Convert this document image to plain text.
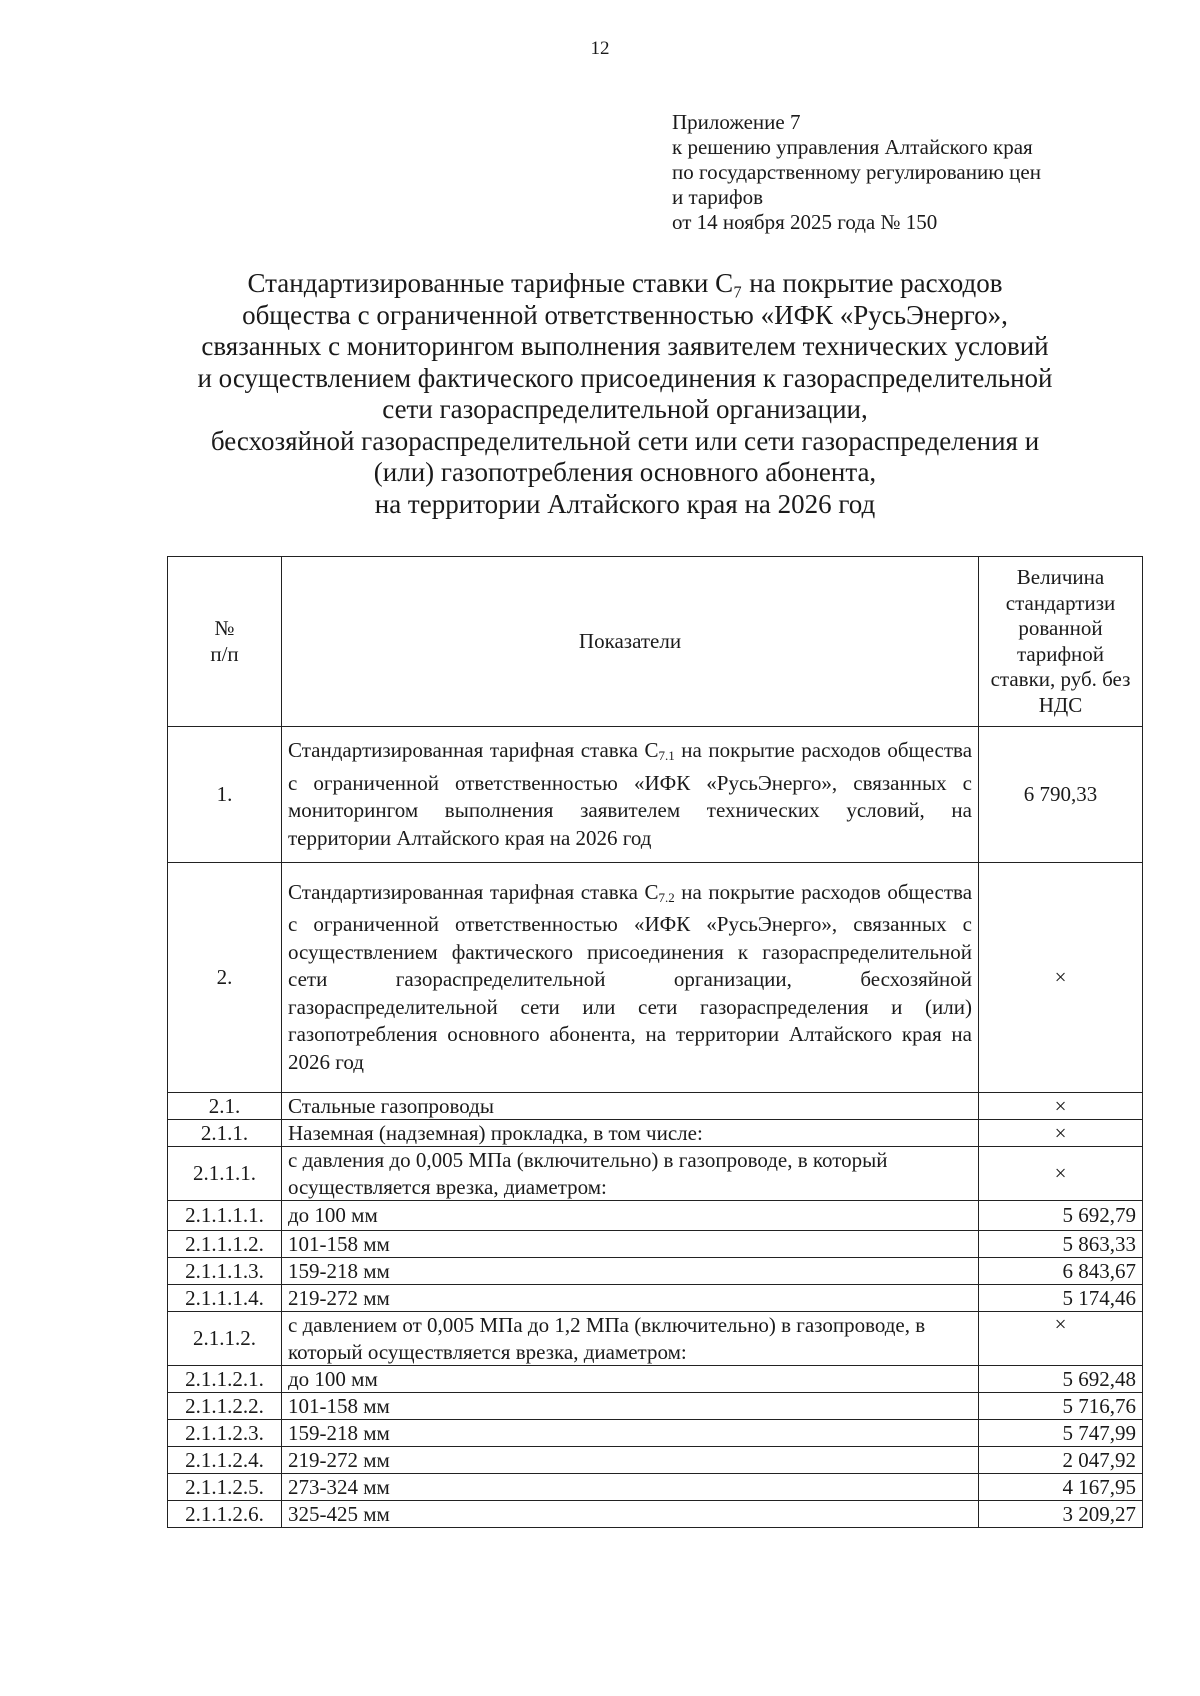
12
Приложение 7
к решению управления Алтайского края
по государственному регулированию цен
и тарифов
от 14 ноября 2025 года № 150
Стандартизированные тарифные ставки С₇ на покрытие расходов
общества с ограниченной ответственностью «ИФК «РусьЭнерго»,
связанных с мониторингом выполнения заявителем технических условий
и осуществлением фактического присоединения к газораспределительной
сети газораспределительной организации,
бесхозяйной газораспределительной сети или сети газораспределения и
(или) газопотребления основного абонента,
на территории Алтайского края на 2026 год
№ п/п	Показатели	Величина стандартизи рованной тарифной ставки, руб. без НДС
1.	Стандартизированная тарифная ставка $С_{7.1}$ на покрытие расходов общества с ограниченной ответственностью «ИФК «РусьЭнерго», связанных с мониторингом выполнения заявителем технических условий, на территории Алтайского края на 2026 год	6 790,33
2.	Стандартизированная тарифная ставка $С_{7.2}$ на покрытие расходов общества с ограниченной ответственностью «ИФК «РусьЭнерго», связанных с осуществлением фактического присоединения к газораспределительной сети газораспределительной организации, бесхозяйной газораспределительной сети или сети газораспределения и (или) газопотребления основного абонента, на территории Алтайского края на 2026 год	×
2.1.	Стальные газопроводы	×
2.1.1.	Наземная (надземная) прокладка, в том числе:	×
2.1.1.1.	с давления до 0,005 МПа (включительно) в газопроводе, в который осуществляется врезка, диаметром:	×
2.1.1.1.1.	до 100 мм	5 692,79
2.1.1.1.2.	101-158 мм	5 863,33
2.1.1.1.3.	159-218 мм	6 843,67
2.1.1.1.4.	219-272 мм	5 174,46
2.1.1.2.	с давлением от 0,005 МПа до 1,2 МПа (включительно) в газопроводе, в который осуществляется врезка, диаметром:	×
2.1.1.2.1.	до 100 мм	5 692,48
2.1.1.2.2.	101-158 мм	5 716,76
2.1.1.2.3.	159-218 мм	5 747,99
2.1.1.2.4.	219-272 мм	2 047,92
2.1.1.2.5.	273-324 мм	4 167,95
2.1.1.2.6.	325-425 мм	3 209,27
